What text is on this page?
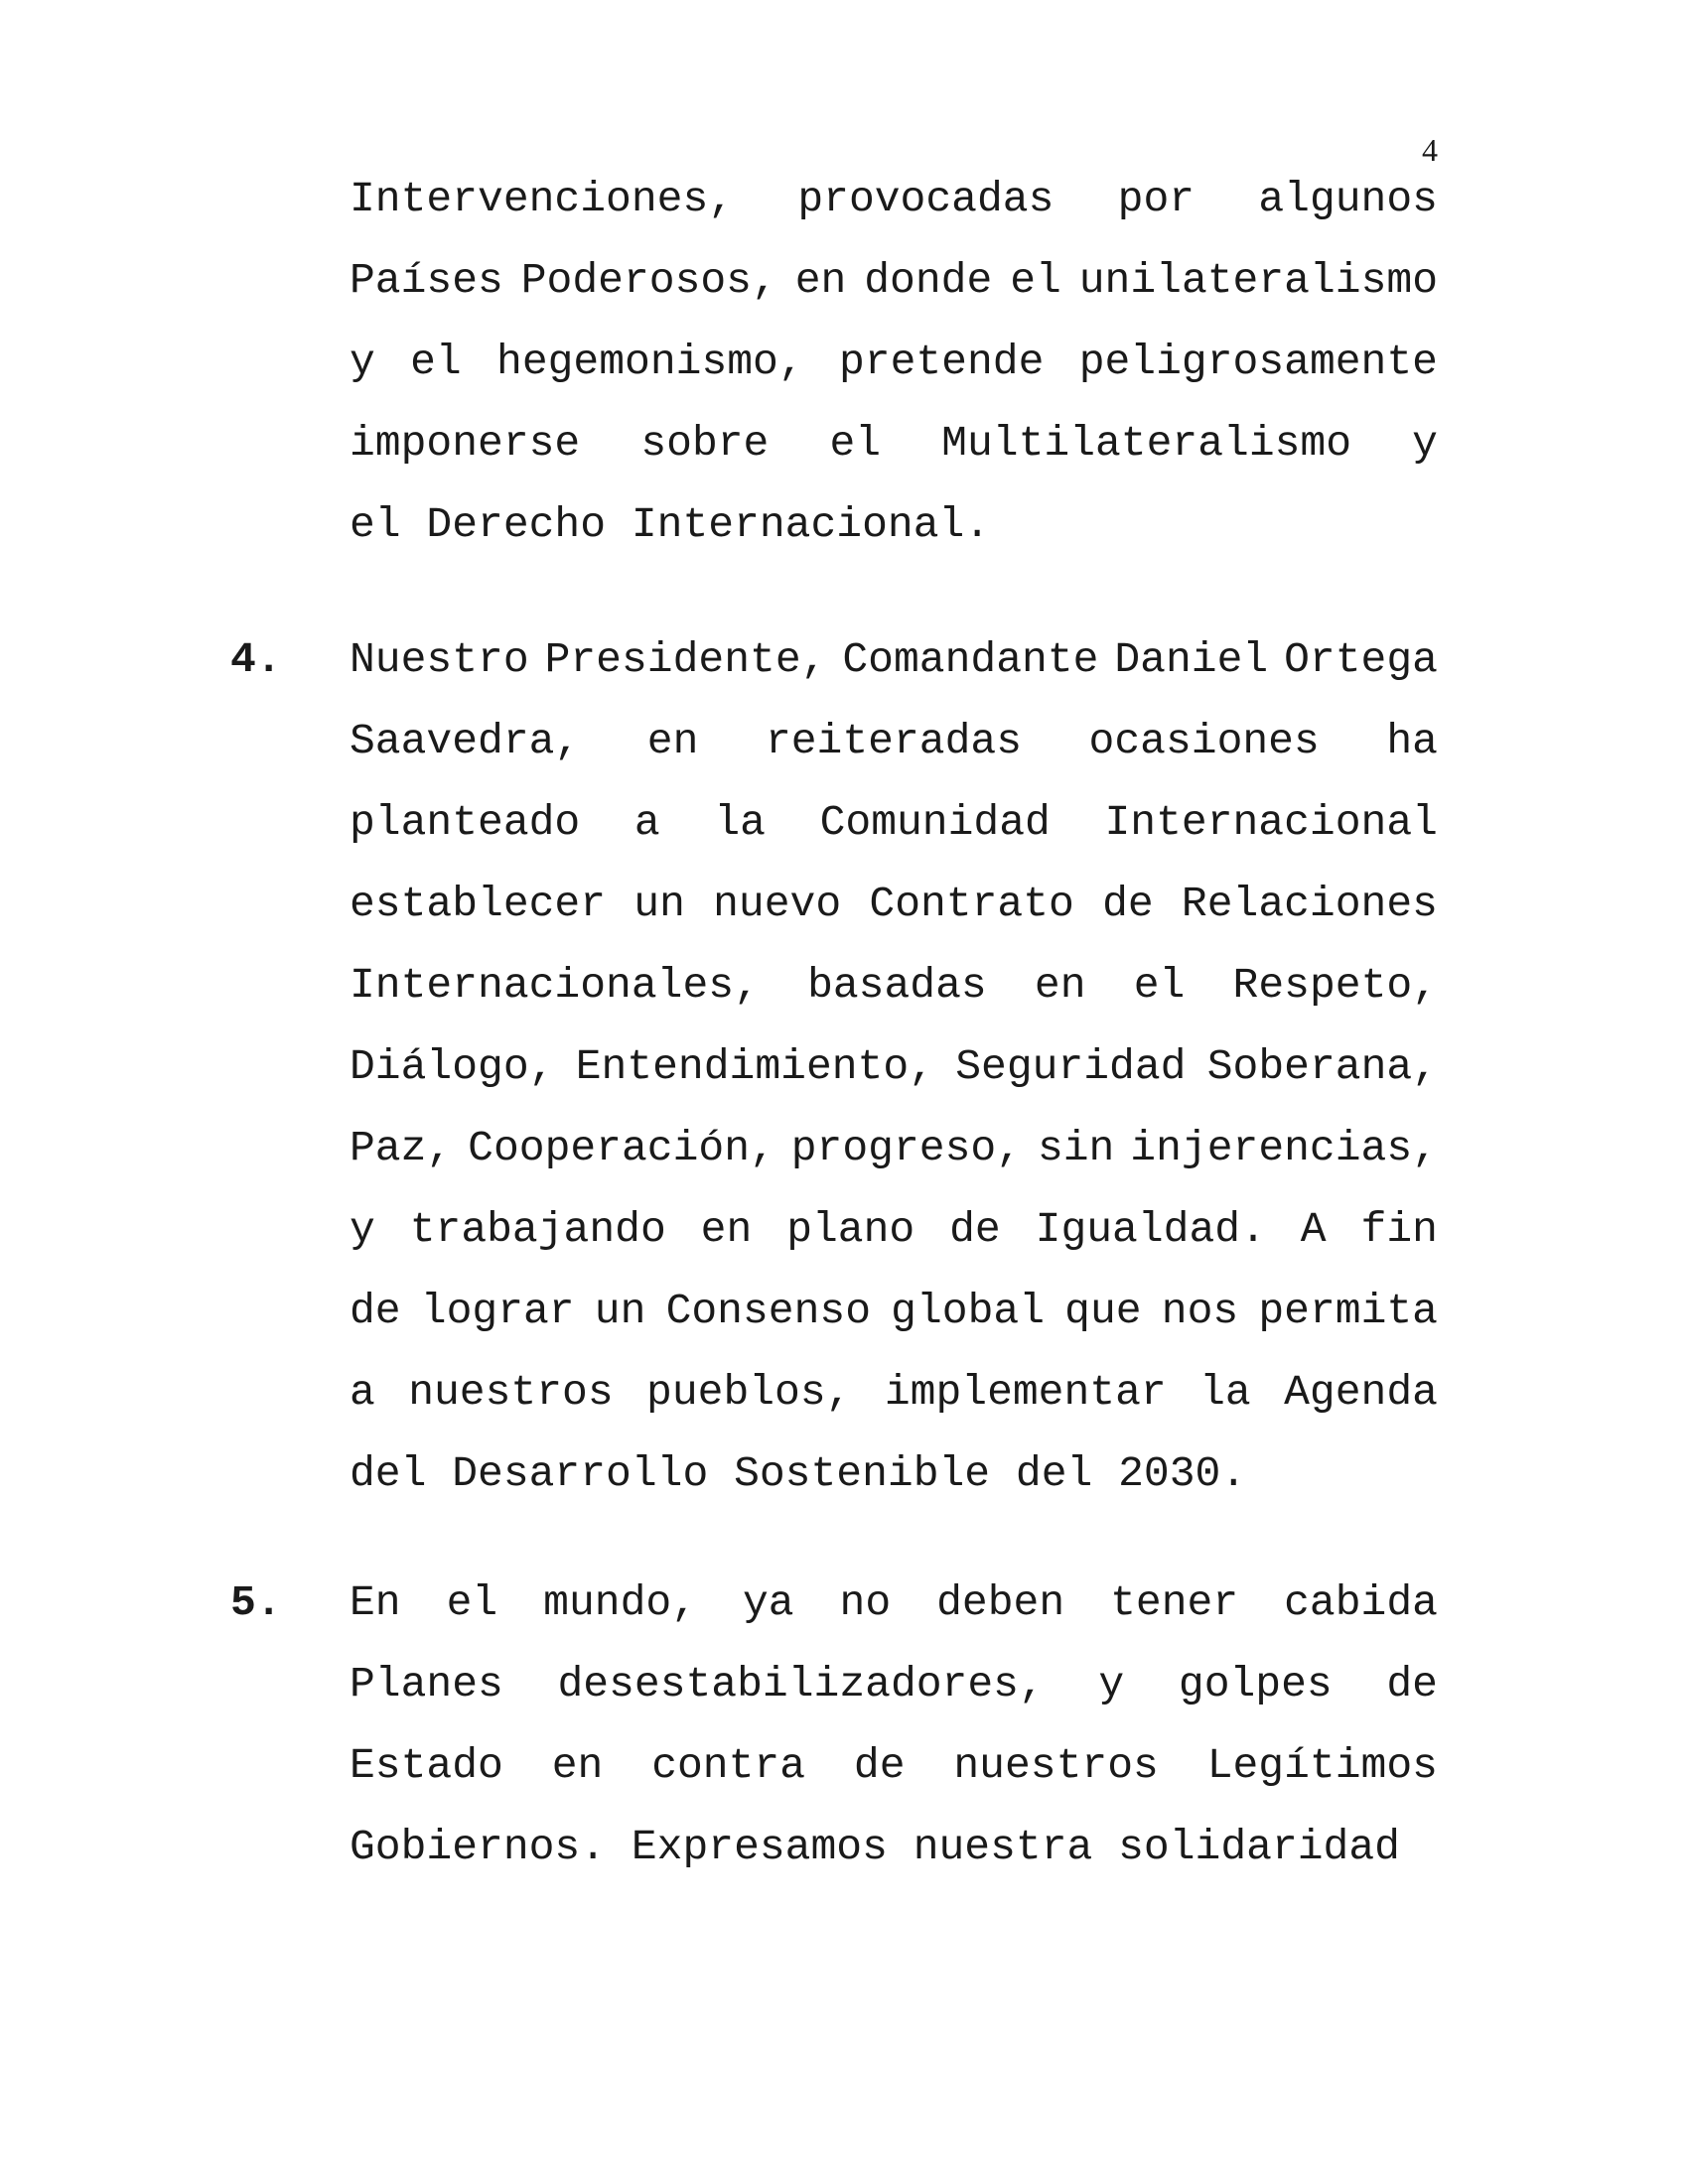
4
Intervenciones, provocadas por algunos
Países Poderosos, en donde el unilateralismo
y el hegemonismo, pretende peligrosamente
imponerse sobre el Multilateralismo y
el Derecho Internacional.
4. Nuestro Presidente, Comandante Daniel Ortega
Saavedra, en reiteradas ocasiones ha
planteado a la Comunidad Internacional
establecer un nuevo Contrato de Relaciones
Internacionales, basadas en el Respeto,
Diálogo, Entendimiento, Seguridad Soberana,
Paz, Cooperación, progreso, sin injerencias,
y trabajando en plano de Igualdad. A fin
de lograr un Consenso global que nos permita
a nuestros pueblos, implementar la Agenda
del Desarrollo Sostenible del 2030.
5. En el mundo, ya no deben tener cabida
Planes desestabilizadores, y golpes de
Estado en contra de nuestros Legítimos
Gobiernos. Expresamos nuestra solidaridad
